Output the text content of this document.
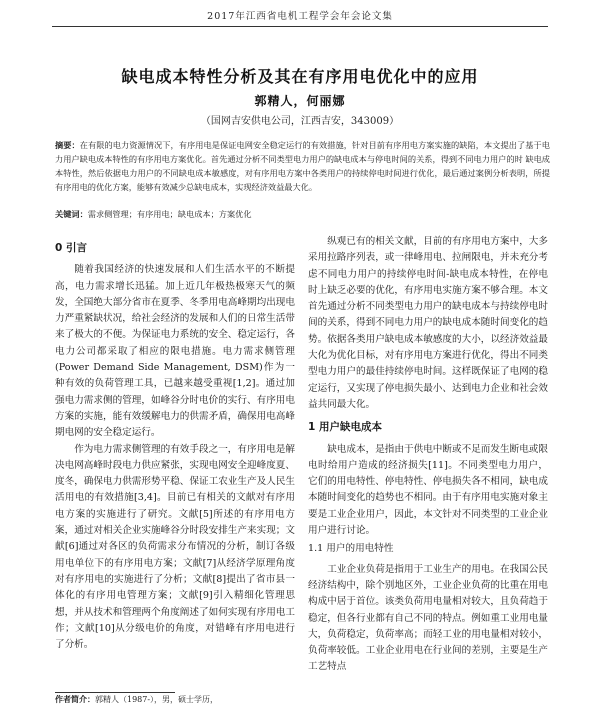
2017年江西省电机工程学会年会论文集
缺电成本特性分析及其在有序用电优化中的应用
郭精人，何丽娜
（国网吉安供电公司，江西吉安，343009）
摘要：在有限的电力资源情况下，有序用电是保证电网安全稳定运行的有效措施，针对目前有序用电方案实施的缺陷，本文提出了基于电力用户缺电成本特性的有序用电方案优化。首先通过分析不同类型电力用户的缺电成本与停电时间的关系，得到不同电力用户的时 缺电成本特性，然后依据电力用户的不同缺电成本敏感度，对有序用电方案中各类用户的持续停电时间进行优化，最后通过案例分析表明，所提有序用电的优化方案，能够有效减少总缺电成本，实现经济效益最大化。
关键词：需求侧管理；有序用电；缺电成本；方案优化
0 引言

随着我国经济的快速发展和人们生活水平的不断提高，电力需求增长迅猛。加上近几年极热极寒天气的频发，全国绝大部分省市在夏季、冬季用电高峰期均出现电力严重紧缺状况，给社会经济的发展和人们的日常生活带来了极大的不便。为保证电力系统的安全、稳定运行，各电力公司都采取了相应的限电措施。电力需求侧管理(Power Demand Side Management, DSM)作为一种有效的负荷管理工具，已越来越受重视[1,2]。通过加强电力需求侧的管理，如峰谷分时电价的实行、有序用电方案的实施，能有效缓解电力的供需矛盾，确保用电高峰期电网的安全稳定运行。

作为电力需求侧管理的有效手段之一，有序用电是解决电网高峰时段电力供应紧张，实现电网安全迎峰度夏、度冬，确保电力供需形势平稳、保证工农业生产及人民生活用电的有效措施[3,4]。目前已有相关的文献对有序用电方案的实施进行了研究。文献[5]所述的有序用电方案，通过对相关企业实施峰谷分时段安排生产来实现；文献[6]通过对各区的负荷需求分布情况的分析，制订各级用电单位下的有序用电方案；文献[7]从经济学原理角度对有序用电的实施进行了分析；文献[8]提出了省市县一体化的有序用电管理方案；文献[9]引入精细化管理思想，并从技术和管理两个角度阐述了如何实现有序用电工作；文献[10]从分级电价的角度，对错峰有序用电进行了分析。

纵观已有的相关文献，目前的有序用电方案中，大多采用拉路序列表，或一律峰用电、拉闸限电，并未充分考虑不同电力用户的持续停电时间-缺电成本特性，在停电时上缺乏必要的优化，有序用电实施方案不够合理。本文首先通过分析不同类型电力用户的缺电成本与持续停电时间的关系，得到不同电力用户的缺电成本随时间变化的趋势。依据各类用户缺电成本敏感度的大小，以经济效益最大化为优化目标，对有序用电方案进行优化，得出不同类型电力用户的最佳持续停电时间。这样既保证了电网的稳定运行，又实现了停电损失最小、达到电力企业和社会效益共同最大化。

1 用户缺电成本

缺电成本，是指由于供电中断或不足而发生断电或限电时给用户造成的经济损失[11]。不同类型电力用户，它们的用电特性、停电特性、停电损失各不相同，缺电成本随时间变化的趋势也不相同。由于有序用电实施对象主要是工业企业用户，因此，本文针对不同类型的工业企业用户进行讨论。

1.1 用户的用电特性

工业企业负荷是指用于工业生产的用电。在我国公民经济结构中，除个别地区外，工业企业负荷的比重在用电构成中居于首位。该类负荷用电量相对较大，且负荷趋于稳定，但各行业都有自己不同的特点。例如重工业用电量大，负荷稳定，负荷率高；而轻工业的用电量相对较小，负荷率较低。工业企业用电在行业间的差别，主要是生产工艺特点

作者简介：郭精人（1987-），男，硕士学历，
